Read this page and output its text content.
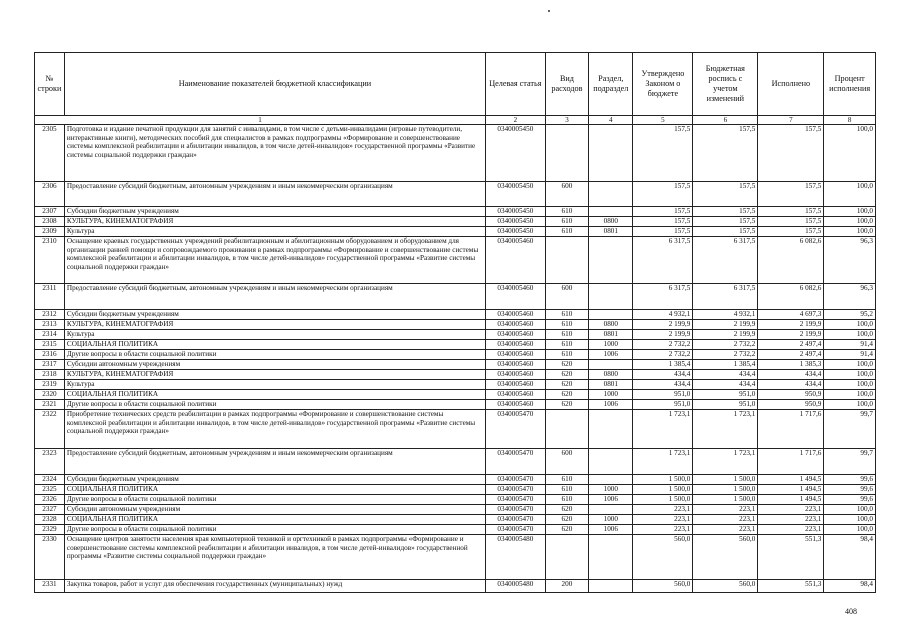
№ строки	Наименование показателей бюджетной классификации	Целевая статья	Вид расходов	Раздел, подраздел	Утверждено Законом о бюджете	Бюджетная роспись с учетом изменений	Исполнено	Процент исполнения
1		2	3	4	5	6	7	8
2305	Подготовка и издание печатной продукции для занятий с инвалидами, в том числе с детьми-инвалидами (игровые путеводители, интерактивные книги), методических пособий для специалистов в рамках подпрограммы «Формирование и совершенствование системы комплексной реабилитации и абилитации инвалидов, в том числе детей-инвалидов» государственной программы «Развитие системы социальной поддержки граждан»	0340005450			157,5	157,5	157,5	100,0
2306	Предоставление субсидий бюджетным, автономным учреждениям и иным некоммерческим организациям	0340005450	600		157,5	157,5	157,5	100,0
2307	Субсидии бюджетным учреждениям	0340005450	610		157,5	157,5	157,5	100,0
2308	КУЛЬТУРА, КИНЕМАТОГРАФИЯ	0340005450	610	0800	157,5	157,5	157,5	100,0
2309	Культура	0340005450	610	0801	157,5	157,5	157,5	100,0
2310	Оснащение краевых государственных учреждений реабилитационным и абилитационным оборудованием и оборудованием для организации ранней помощи и сопровождаемого проживания в рамках подпрограммы «Формирование и совершенствование системы комплексной реабилитации и абилитации инвалидов, в том числе детей-инвалидов» государственной программы «Развитие системы социальной поддержки граждан»	0340005460			6 317,5	6 317,5	6 082,6	96,3
2311	Предоставление субсидий бюджетным, автономным учреждениям и иным некоммерческим организациям	0340005460	600		6 317,5	6 317,5	6 082,6	96,3
2312	Субсидии бюджетным учреждениям	0340005460	610		4 932,1	4 932,1	4 697,3	95,2
2313	КУЛЬТУРА, КИНЕМАТОГРАФИЯ	0340005460	610	0800	2 199,9	2 199,9	2 199,9	100,0
2314	Культура	0340005460	610	0801	2 199,9	2 199,9	2 199,9	100,0
2315	СОЦИАЛЬНАЯ ПОЛИТИКА	0340005460	610	1000	2 732,2	2 732,2	2 497,4	91,4
2316	Другие вопросы в области социальной политики	0340005460	610	1006	2 732,2	2 732,2	2 497,4	91,4
2317	Субсидии автономным учреждениям	0340005460	620		1 385,4	1 385,4	1 385,3	100,0
2318	КУЛЬТУРА, КИНЕМАТОГРАФИЯ	0340005460	620	0800	434,4	434,4	434,4	100,0
2319	Культура	0340005460	620	0801	434,4	434,4	434,4	100,0
2320	СОЦИАЛЬНАЯ ПОЛИТИКА	0340005460	620	1000	951,0	951,0	950,9	100,0
2321	Другие вопросы в области социальной политики	0340005460	620	1006	951,0	951,0	950,9	100,0
2322	Приобретение технических средств реабилитации в рамках подпрограммы «Формирование и совершенствование системы комплексной реабилитации и абилитации инвалидов, в том числе детей-инвалидов» государственной программы «Развитие системы социальной поддержки граждан»	0340005470			1 723,1	1 723,1	1 717,6	99,7
2323	Предоставление субсидий бюджетным, автономным учреждениям и иным некоммерческим организациям	0340005470	600		1 723,1	1 723,1	1 717,6	99,7
2324	Субсидии бюджетным учреждениям	0340005470	610		1 500,0	1 500,0	1 494,5	99,6
2325	СОЦИАЛЬНАЯ ПОЛИТИКА	0340005470	610	1000	1 500,0	1 500,0	1 494,5	99,6
2326	Другие вопросы в области социальной политики	0340005470	610	1006	1 500,0	1 500,0	1 494,5	99,6
2327	Субсидии автономным учреждениям	0340005470	620		223,1	223,1	223,1	100,0
2328	СОЦИАЛЬНАЯ ПОЛИТИКА	0340005470	620	1000	223,1	223,1	223,1	100,0
2329	Другие вопросы в области социальной политики	0340005470	620	1006	223,1	223,1	223,1	100,0
2330	Оснащение центров занятости населения края компьютерной техникой и оргтехникой в рамках подпрограммы «Формирование и совершенствование системы комплексной реабилитации и абилитации инвалидов, в том числе детей-инвалидов» государственной программы «Развитие системы социальной поддержки граждан»	0340005480			560,0	560,0	551,3	98,4
2331	Закупка товаров, работ и услуг для обеспечения государственных (муниципальных) нужд	0340005480	200		560,0	560,0	551,3	98,4
408
